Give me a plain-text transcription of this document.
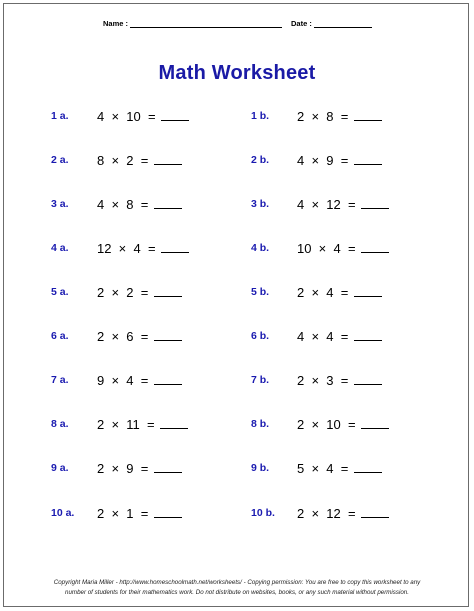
Name :	Date :
Math Worksheet
1 a. 4  ×  10  =
2 a. 8  ×  2  =
3 a. 4  ×  8  =
4 a. 12  ×  4  =
5 a. 2  ×  2  =
6 a. 2  ×  6  =
7 a. 9  ×  4  =
8 a. 2  ×  11  =
9 a. 2  ×  9  =
10 a. 2  ×  1  =
1 b. 2  ×  8  =
2 b. 4  ×  9  =
3 b. 4  ×  12  =
4 b. 10  ×  4  =
5 b. 2  ×  4  =
6 b. 4  ×  4  =
7 b. 2  ×  3  =
8 b. 2  ×  10  =
9 b. 5  ×  4  =
10 b. 2  ×  12  =
Copyright Maria Miller - http://www.homeschoolmath.net/worksheets/ - Copying permission: You are free to copy this worksheet to any
number of students for their mathematics work. Do not distribute on websites, books, or any such material without permission.
